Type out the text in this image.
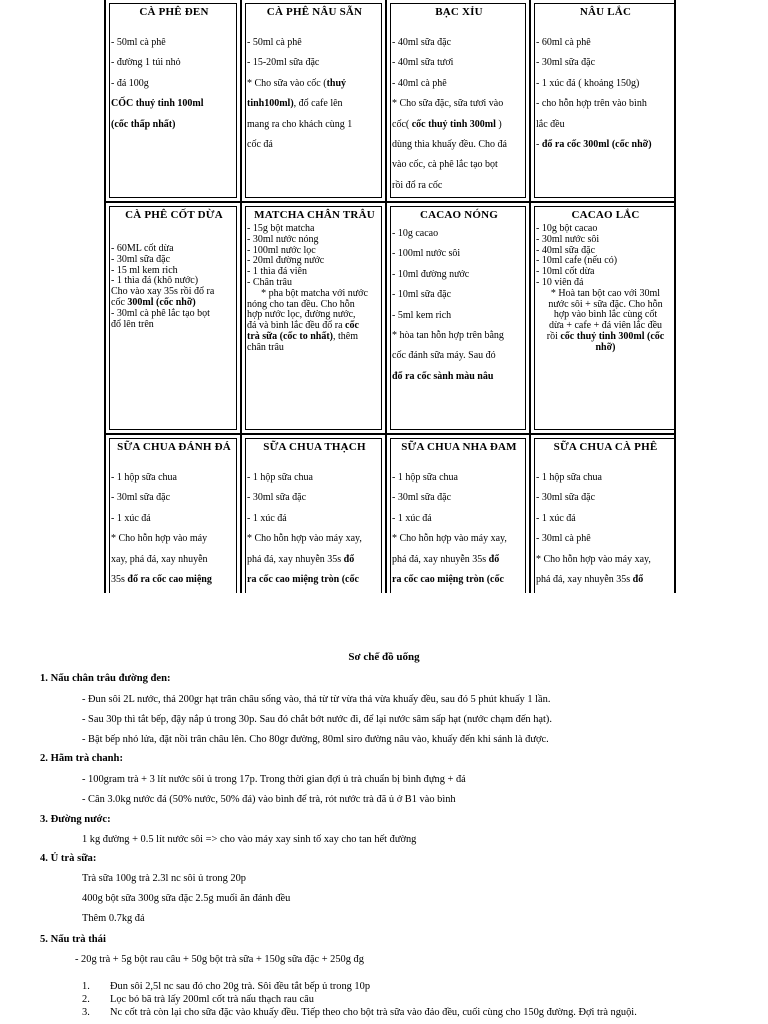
CÀ PHÊ ĐEN
- 50ml cà phê
- đường 1 túi nhỏ
- đá 100g
CỐC thuỷ tinh 100ml
(cốc thấp nhất)
CÀ PHÊ NÂU SẴN
- 50ml cà phê
- 15-20ml sữa đặc
* Cho sữa vào cốc (thuỷ
tinh100ml), đổ cafe lên
mang ra cho khách cùng 1
cốc đá
BẠC XỈU
- 40ml sữa đặc
- 40ml sữa tươi
- 40ml cà phê
* Cho sữa đặc, sữa tươi vào
cốc( cốc thuỷ tinh 300ml )
dùng thìa khuấy đều. Cho đá
vào cốc, cà phê lắc tạo bọt
rồi đổ ra cốc
NÂU LẮC
- 60ml cà phê
- 30ml sữa đặc
- 1 xúc đá ( khoảng 150g)
- cho hỗn hợp trên vào bình
lắc đều
- đổ ra cốc 300ml (cốc nhỡ)
CÀ PHÊ CỐT DỪA
- 60ML cốt dừa
- 30ml sữa đặc
- 15 ml kem rich
- 1 thìa đá (khô nước)
Cho vào xay 35s rồi đổ ra
cốc 300ml (cốc nhỡ)
- 30ml cà phê lắc tạo bọt
đổ lên trên
MATCHA CHÂN TRÂU
- 15g bột matcha
- 30ml nước nóng
- 100ml nước lọc
- 20ml đường nước
- 1 thìa đá viên
- Chân trâu
* pha bột matcha với nước
nóng cho tan đều. Cho hỗn
hợp nước lọc, đường nước,
đá và bình lắc đều đổ ra cốc
trà sữa (cốc to nhất), thêm
chân trâu
CACAO NÓNG
- 10g cacao
- 100ml nước sôi
- 10ml đường nước
- 10ml sữa đặc
- 5ml kem rich
* hòa tan hỗn hợp trên bằng
cốc đánh sữa máy. Sau đó
đổ ra cốc sành màu nâu
CACAO LẮC
- 10g bột cacao
- 30ml nước sôi
- 40ml sữa đặc
- 10ml cafe (nếu có)
- 10ml cốt dừa
- 10 viên đá
* Hoà tan bột cao với 30ml
nước sôi + sữa đặc. Cho hỗn
hợp vào bình lắc cùng cốt
dừa + cafe + đá viên lắc đều
rồi cốc thuỷ tinh 300ml (cốc
nhỡ)
SỮA CHUA ĐÁNH ĐÁ
- 1 hộp sữa chua
- 30ml sữa đặc
- 1 xúc đá
* Cho hỗn hợp vào máy
xay, phá đá, xay nhuyễn
35s đổ ra cốc cao miệng
SỮA CHUA THẠCH
- 1 hộp sữa chua
- 30ml sữa đặc
- 1 xúc đá
* Cho hỗn hợp vào máy xay,
phá đá, xay nhuyễn 35s đổ
ra cốc cao miệng tròn (cốc
SỮA CHUA NHA ĐAM
- 1 hộp sữa chua
- 30ml sữa đặc
- 1 xúc đá
* Cho hỗn hợp vào máy xay,
phá đá, xay nhuyễn 35s đổ
ra cốc cao miệng tròn (cốc
SỮA CHUA CÀ PHÊ
- 1 hộp sữa chua
- 30ml sữa đặc
- 1 xúc đá
- 30ml cà phê
* Cho hỗn hợp vào máy xay,
phá đá, xay nhuyễn 35s đổ
Sơ chế đồ uống
1. Nấu chân trâu đường đen:
- Đun sôi 2L nước, thả 200gr hạt trân châu sống vào, thả từ từ vừa thả vừa khuấy đều, sau đó 5 phút khuấy 1 lần.
- Sau 30p thì tắt bếp, đậy nắp ủ trong 30p. Sau đó chắt bớt nước đi, để lại nước sâm sấp hạt (nước chạm đến hạt).
- Bật bếp nhỏ lửa, đặt nồi trân châu lên. Cho 80gr đường, 80ml siro đường nâu vào, khuấy đến khi sánh là được.
2. Hãm trà chanh:
- 100gram trà + 3 lít nước sôi ủ trong 17p. Trong thời gian đợi ủ trà chuẩn bị bình đựng + đá
- Cân 3.0kg nước đá (50% nước, 50% đá) vào bình để trà, rót nước trà đã ủ ở B1 vào bình
3. Đường nước:
1 kg đường + 0.5 lít nước sôi => cho vào máy xay sinh tố xay cho tan hết đường
4. Ủ trà sữa:
Trà sữa 100g trà 2.3l nc sôi ủ trong 20p
400g bột sữa 300g sữa đặc 2.5g muối ăn đánh đều
Thêm 0.7kg đá
5. Nấu trà thái
- 20g trà + 5g bột rau câu + 50g bột trà sữa + 150g sữa đặc + 250g đg
1. Đun sôi 2,5l nc sau đó cho 20g trà. Sôi đều tắt bếp ủ trong 10p
2. Lọc bỏ bã trà lấy 200ml cốt trà nấu thạch rau câu
3. Nc cốt trà còn lại cho sữa đặc vào khuấy đều. Tiếp theo cho bột trà sữa vào đảo đều, cuối cùng cho 150g đường. Đợi trà nguội.
